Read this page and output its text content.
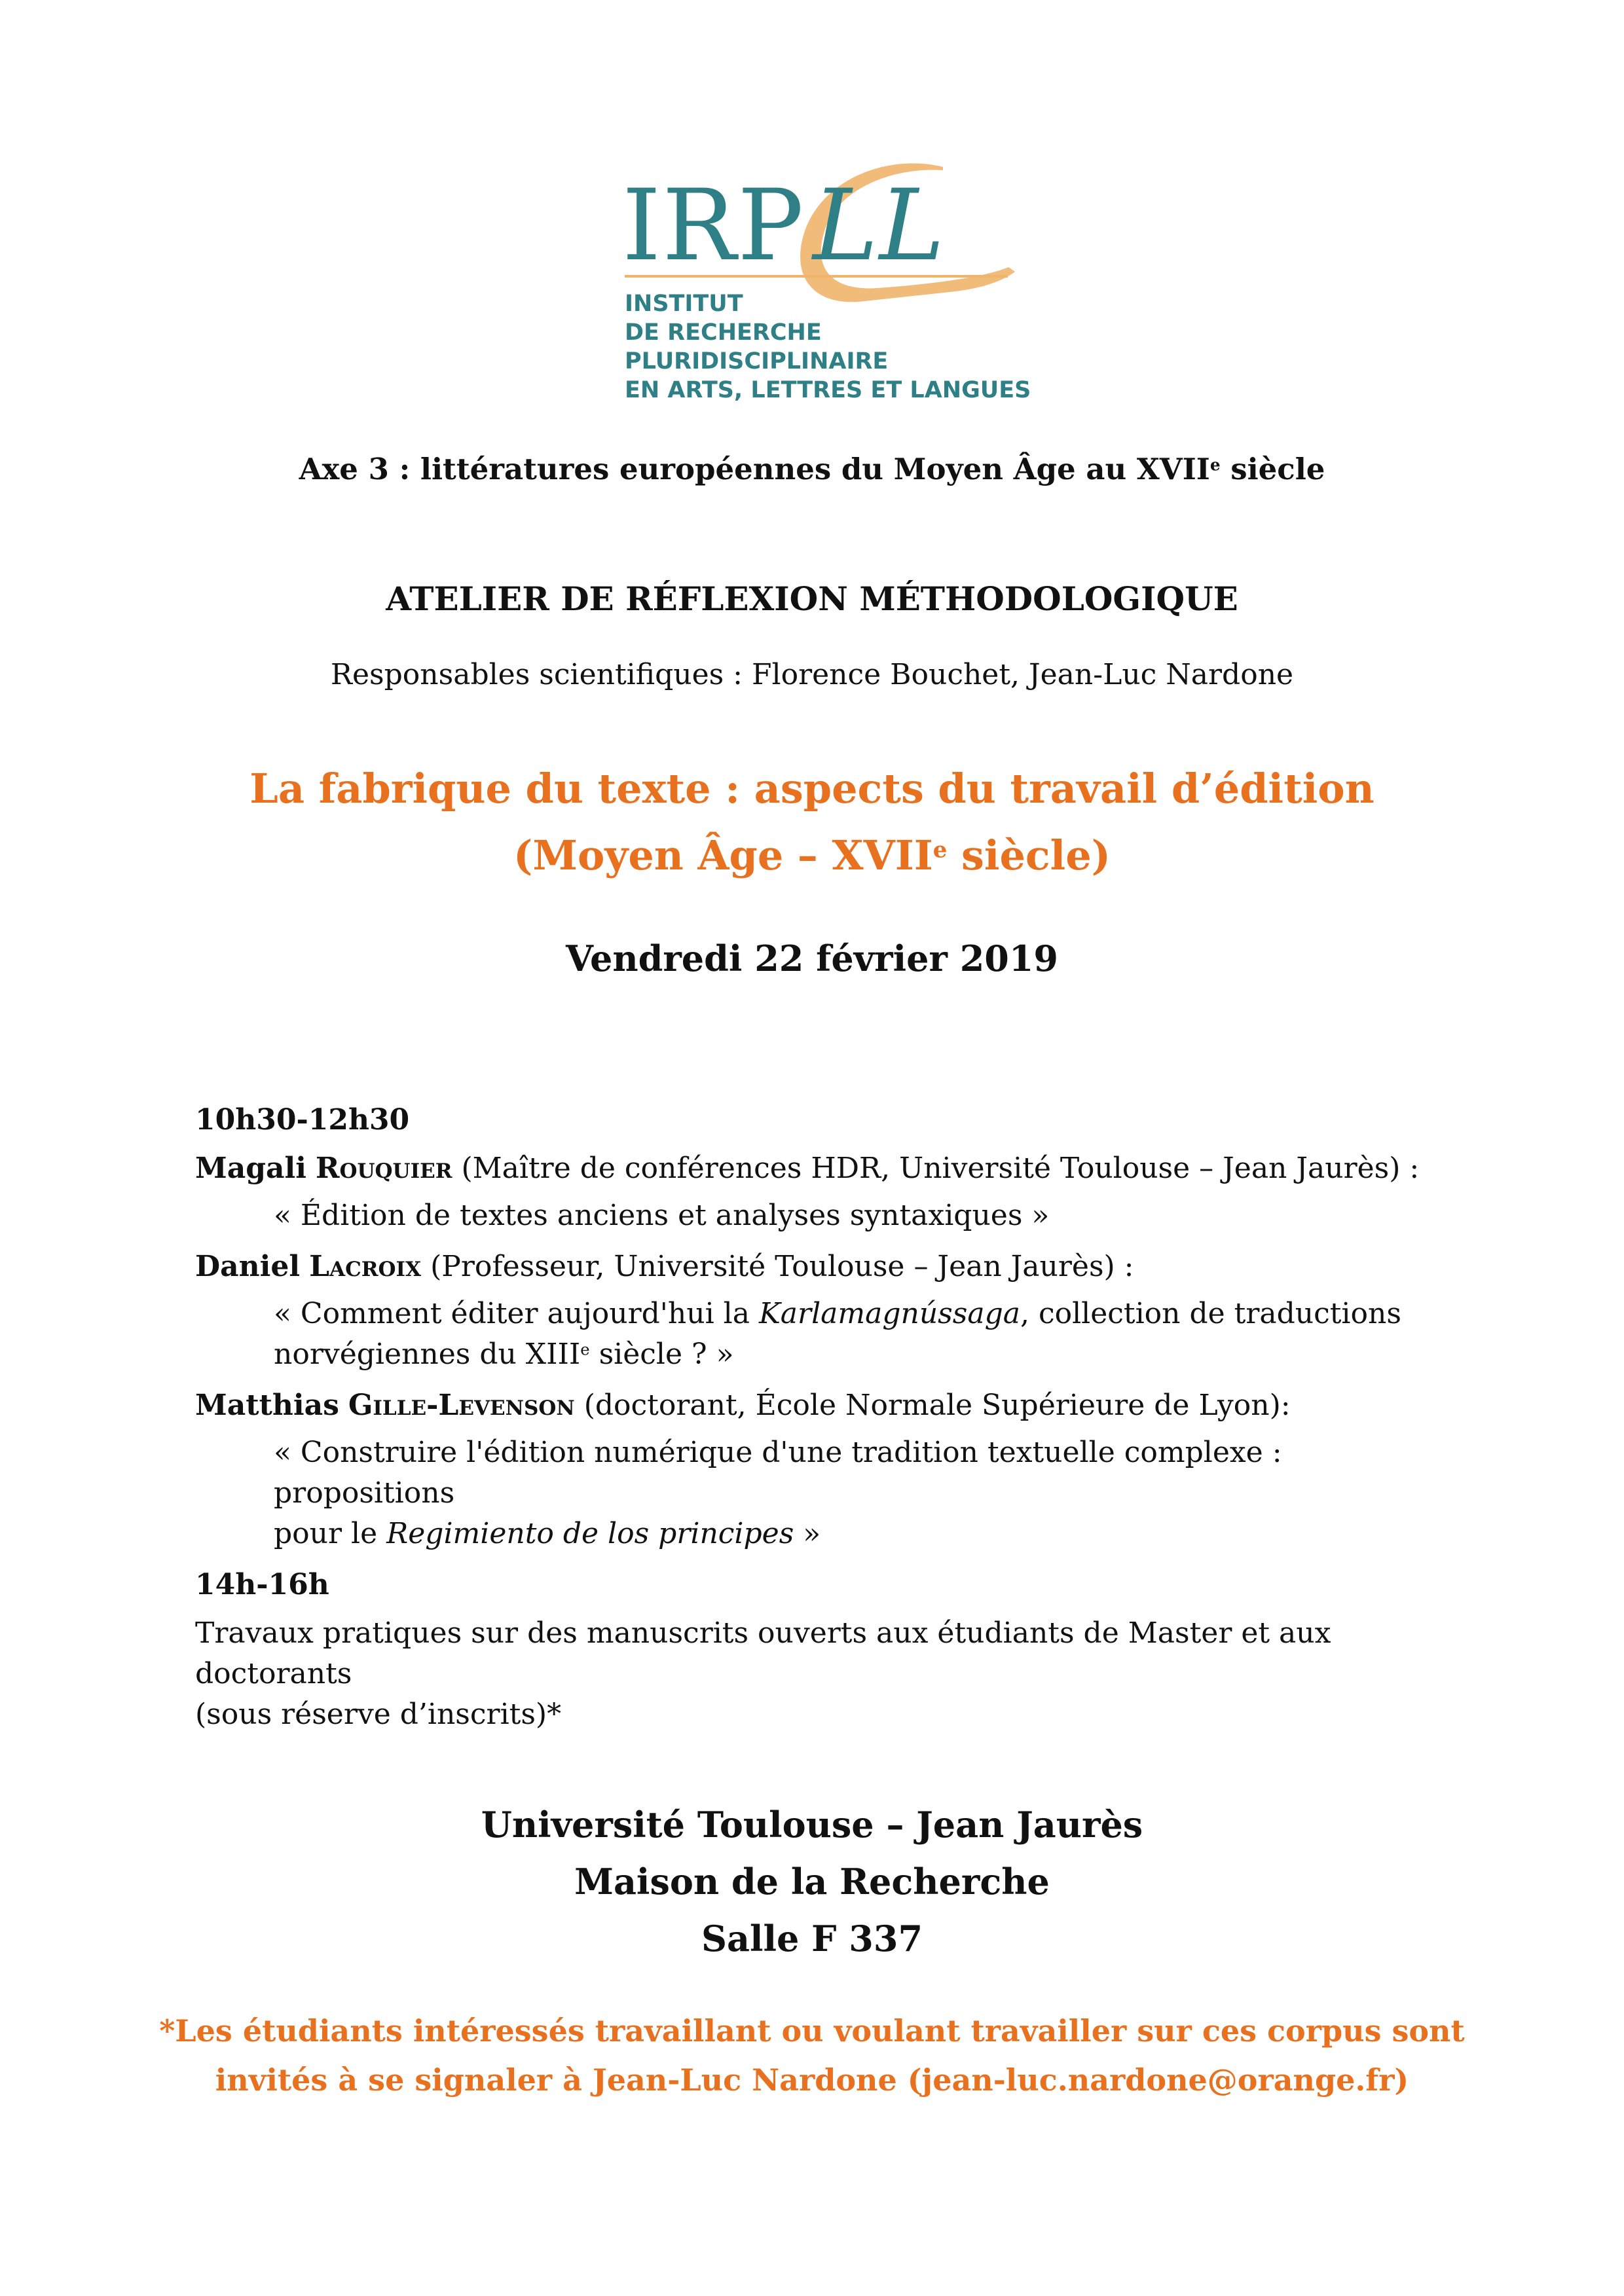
IRPLL
INSTITUT
DE RECHERCHE
PLURIDISCIPLINAIRE
EN ARTS, LETTRES ET LANGUES
Axe 3 : littératures européennes du Moyen Âge au XVIIe siècle
ATELIER DE RÉFLEXION MÉTHODOLOGIQUE
Responsables scientifiques : Florence Bouchet, Jean-Luc Nardone
La fabrique du texte : aspects du travail d’édition
(Moyen Âge – XVIIe siècle)
Vendredi 22 février 2019
10h30-12h30
Magali Rouquier (Maître de conférences HDR, Université Toulouse – Jean Jaurès) :
« Édition de textes anciens et analyses syntaxiques »
Daniel Lacroix (Professeur, Université Toulouse – Jean Jaurès) :
« Comment éditer aujourd'hui la Karlamagnússaga, collection de traductions
norvégiennes du XIIIe siècle ? »
Matthias Gille-Levenson (doctorant, École Normale Supérieure de Lyon):
« Construire l'édition numérique d'une tradition textuelle complexe : propositions
pour le Regimiento de los principes »
14h-16h
Travaux pratiques sur des manuscrits ouverts aux étudiants de Master et aux doctorants
(sous réserve d’inscrits)*
Université Toulouse – Jean Jaurès
Maison de la Recherche
Salle F 337
*Les étudiants intéressés travaillant ou voulant travailler sur ces corpus sont
invités à se signaler à Jean-Luc Nardone (jean-luc.nardone@orange.fr)
